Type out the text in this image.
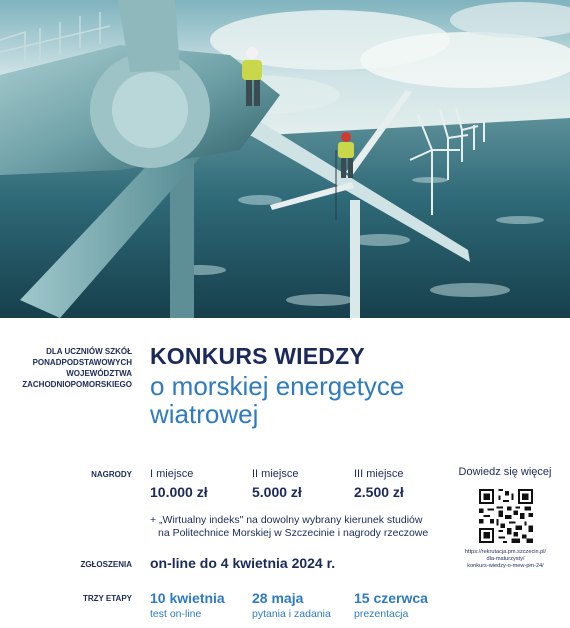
DLA UCZNIÓW SZKÓŁ
PONADPODSTAWOWYCH
WOJEWÓDZTWA
ZACHODNIOPOMORSKIEGO
KONKURS WIEDZY
o morskiej energetyce
wiatrowej
NAGRODY I miejsce
10.000 zł
II miejsce
5.000 zł
III miejsce
2.500 zł
+ „Wirtualny indeks" na dowolny wybrany kierunek studiów
na Politechnice Morskiej w Szczecinie i nagrody rzeczowe
ZGŁOSZENIA on-line do 4 kwietnia 2024 r.
TRZY ETAPY 10 kwietnia
test on-line
28 maja
pytania i zadania
15 czerwca
prezentacja
Dowiedz się więcej
https://rekrutacja.pm.szczecin.pl/
dla-maturzysty/
konkurs-wiedzy-o-mew-pm-24/
